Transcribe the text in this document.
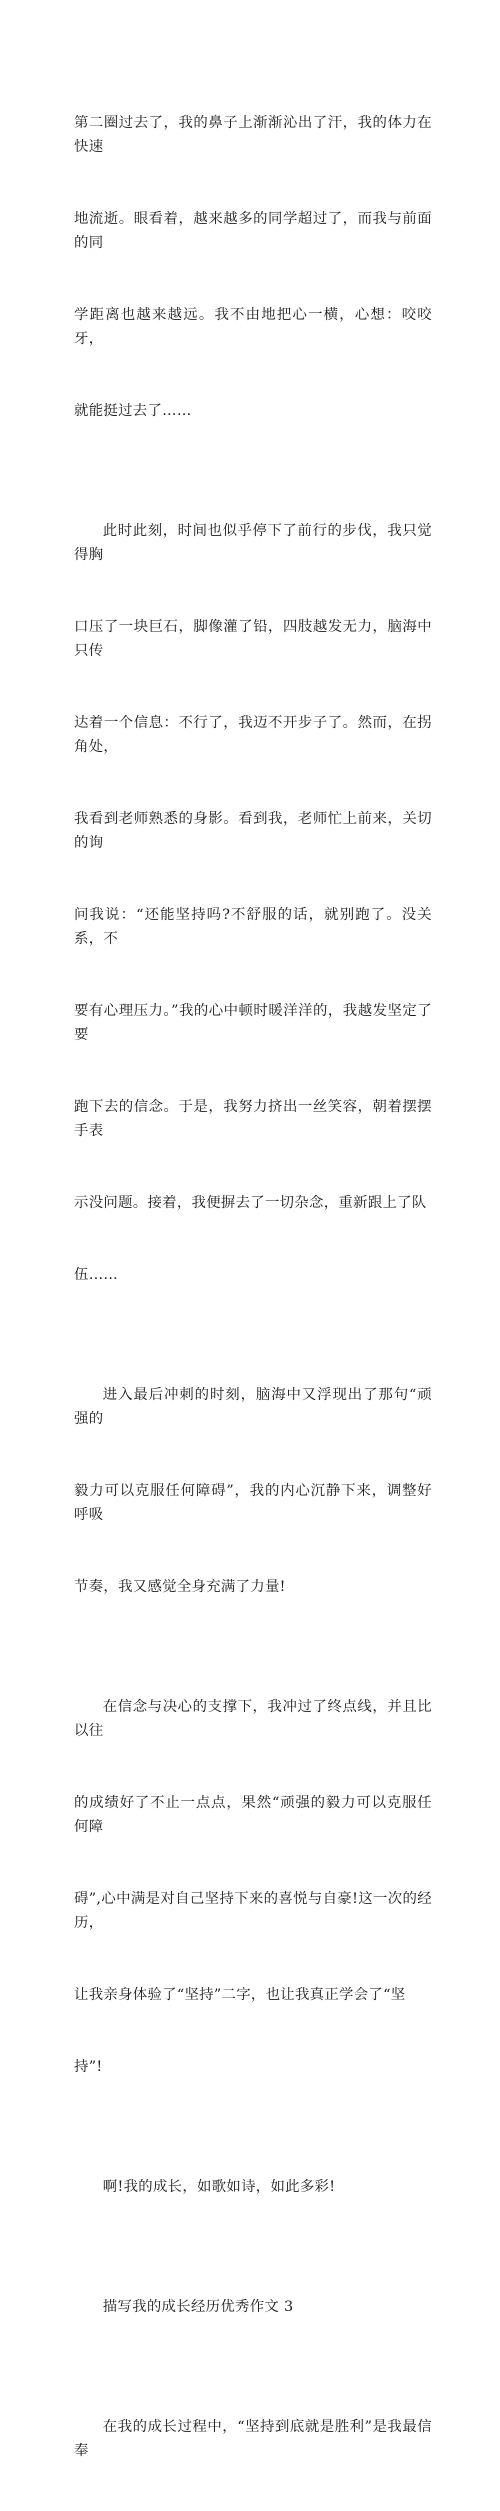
第二圈过去了，我的鼻子上渐渐沁出了汗，我的体力在快速

地流逝。眼看着，越来越多的同学超过了，而我与前面的同

学距离也越来越远。我不由地把心一横，心想：咬咬牙，

就能挺过去了……

此时此刻，时间也似乎停下了前行的步伐，我只觉得胸

口压了一块巨石，脚像灌了铅，四肢越发无力，脑海中只传

达着一个信息：不行了，我迈不开步子了。然而，在拐角处，

我看到老师熟悉的身影。看到我，老师忙上前来，关切的询

问我说：“还能坚持吗?不舒服的话，就别跑了。没关系，不

要有心理压力。”我的心中顿时暖洋洋的，我越发坚定了要

跑下去的信念。于是，我努力挤出一丝笑容，朝着摆摆手表

示没问题。接着，我便摒去了一切杂念，重新跟上了队

伍……

进入最后冲刺的时刻，脑海中又浮现出了那句“顽强的

毅力可以克服任何障碍”，我的内心沉静下来，调整好呼吸

节奏，我又感觉全身充满了力量!

在信念与决心的支撑下，我冲过了终点线，并且比以往

的成绩好了不止一点点，果然“顽强的毅力可以克服任何障

碍”,心中满是对自己坚持下来的喜悦与自豪!这一次的经历，

让我亲身体验了“坚持”二字，也让我真正学会了“坚

持”!

啊!我的成长，如歌如诗，如此多彩!

描写我的成长经历优秀作文 3

在我的成长过程中，“坚持到底就是胜利”是我最信奉
